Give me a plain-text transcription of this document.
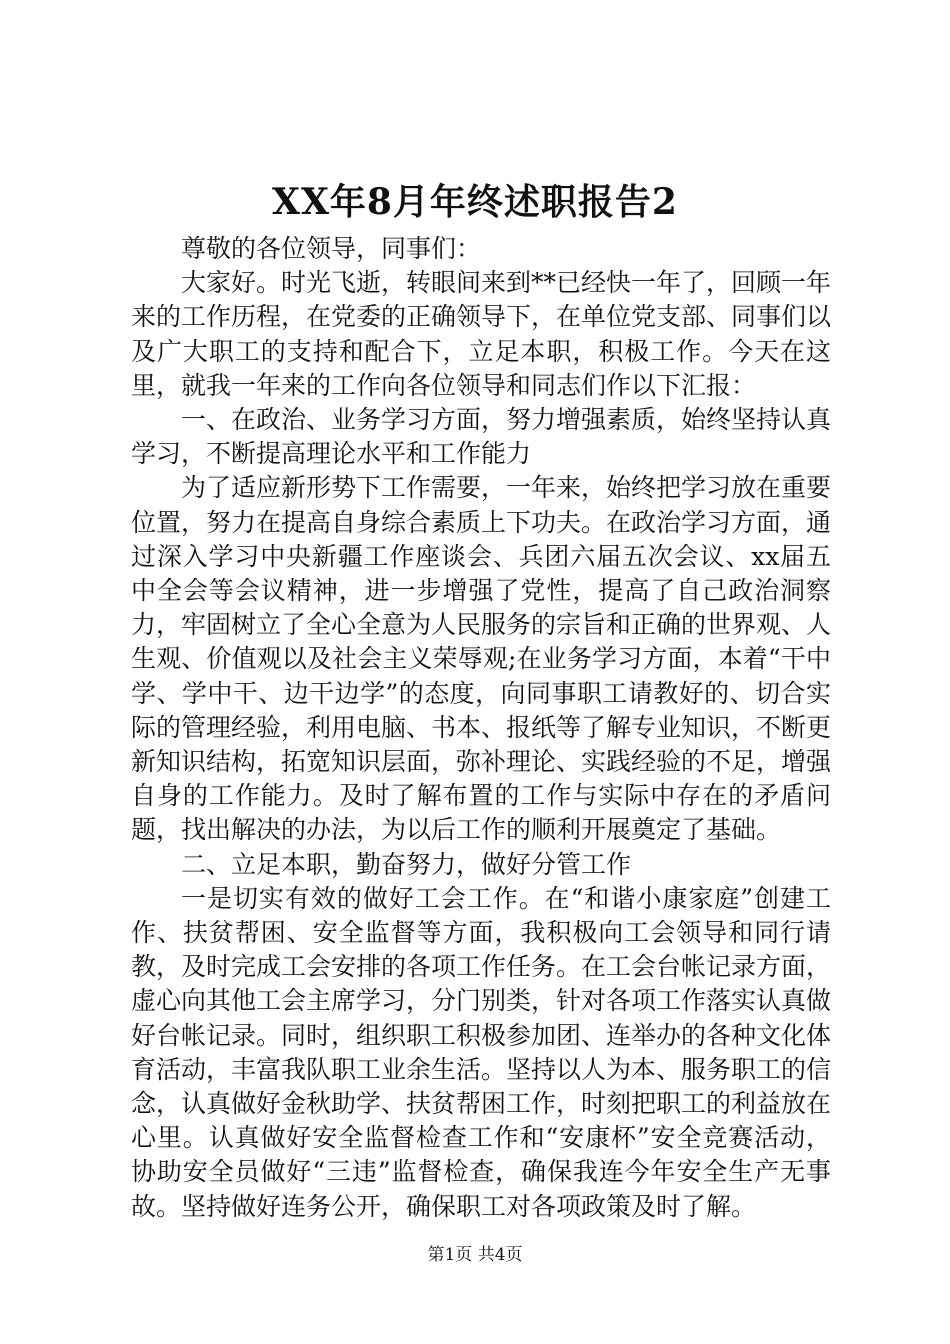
XX年8月年终述职报告2

尊敬的各位领导，同事们：

大家好。时光飞逝，转眼间来到**已经快一年了，回顾一年来的工作历程，在党委的正确领导下，在单位党支部、同事们以及广大职工的支持和配合下，立足本职，积极工作。今天在这里，就我一年来的工作向各位领导和同志们作以下汇报：

一、在政治、业务学习方面，努力增强素质，始终坚持认真学习，不断提高理论水平和工作能力

为了适应新形势下工作需要，一年来，始终把学习放在重要位置，努力在提高自身综合素质上下功夫。在政治学习方面，通过深入学习中央新疆工作座谈会、兵团六届五次会议、xx届五中全会等会议精神，进一步增强了党性，提高了自己政治洞察力，牢固树立了全心全意为人民服务的宗旨和正确的世界观、人生观、价值观以及社会主义荣辱观;在业务学习方面，本着“干中学、学中干、边干边学”的态度，向同事职工请教好的、切合实际的管理经验，利用电脑、书本、报纸等了解专业知识，不断更新知识结构，拓宽知识层面，弥补理论、实践经验的不足，增强自身的工作能力。及时了解布置的工作与实际中存在的矛盾问题，找出解决的办法，为以后工作的顺利开展奠定了基础。

二、立足本职，勤奋努力，做好分管工作

一是切实有效的做好工会工作。在“和谐小康家庭”创建工作、扶贫帮困、安全监督等方面，我积极向工会领导和同行请教，及时完成工会安排的各项工作任务。在工会台帐记录方面，虚心向其他工会主席学习，分门别类，针对各项工作落实认真做好台帐记录。同时，组织职工积极参加团、连举办的各种文化体育活动，丰富我队职工业余生活。坚持以人为本、服务职工的信念，认真做好金秋助学、扶贫帮困工作，时刻把职工的利益放在心里。认真做好安全监督检查工作和“安康杯”安全竞赛活动，协助安全员做好“三违”监督检查，确保我连今年安全生产无事故。坚持做好连务公开，确保职工对各项政策及时了解。

第1页 共4页
